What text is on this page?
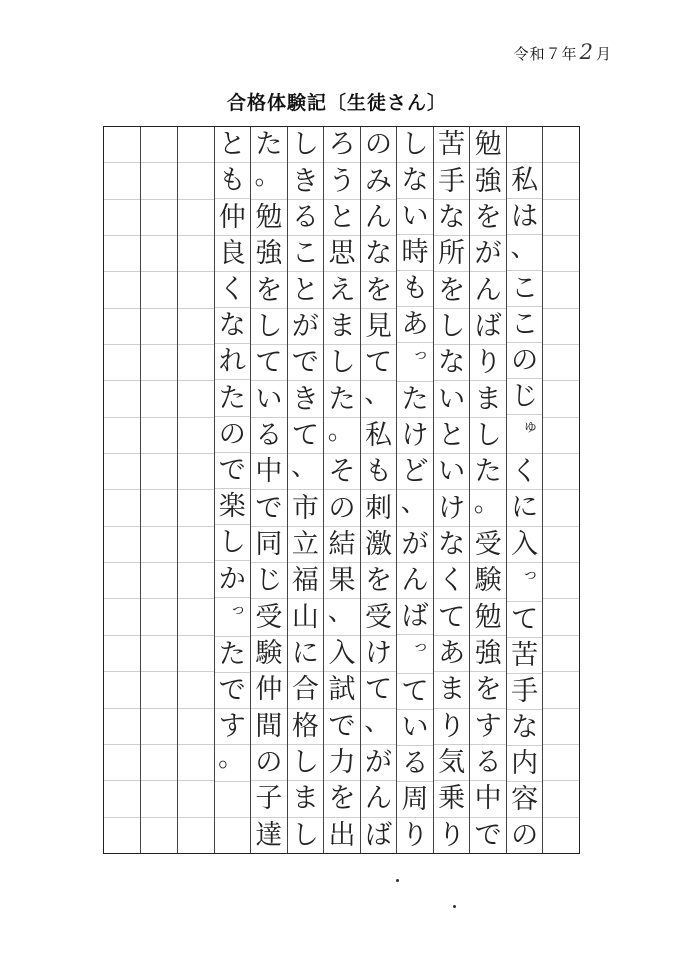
令和７年2 月
合格体験記〔生徒さん〕
私
は
、
こ
こ
の
じ
ゅ
く
に
入
っ
て
苦
手
な
内
容
の
勉
強
を
が
ん
ば
り
ま
し
た
。
受
験
勉
強
を
す
る
中
で
苦
手
な
所
を
し
な
い
と
い
け
な
く
て
あ
ま
り
気
乗
り
し
な
い
時
も
あ
っ
た
け
ど
、
が
ん
ば
っ
て
い
る
周
り
の
み
ん
な
を
見
て
、
私
も
刺
激
を
受
け
て
、
が
ん
ば
ろ
う
と
思
え
ま
し
た
。
そ
の
結
果
、
入
試
で
力
を
出
し
き
る
こ
と
が
で
き
て
、
市
立
福
山
に
合
格
し
ま
し
た
。
勉
強
を
し
て
い
る
中
で
同
じ
受
験
仲
間
の
子
達
と
も
仲
良
く
な
れ
た
の
で
楽
し
か
っ
た
で
す
。
